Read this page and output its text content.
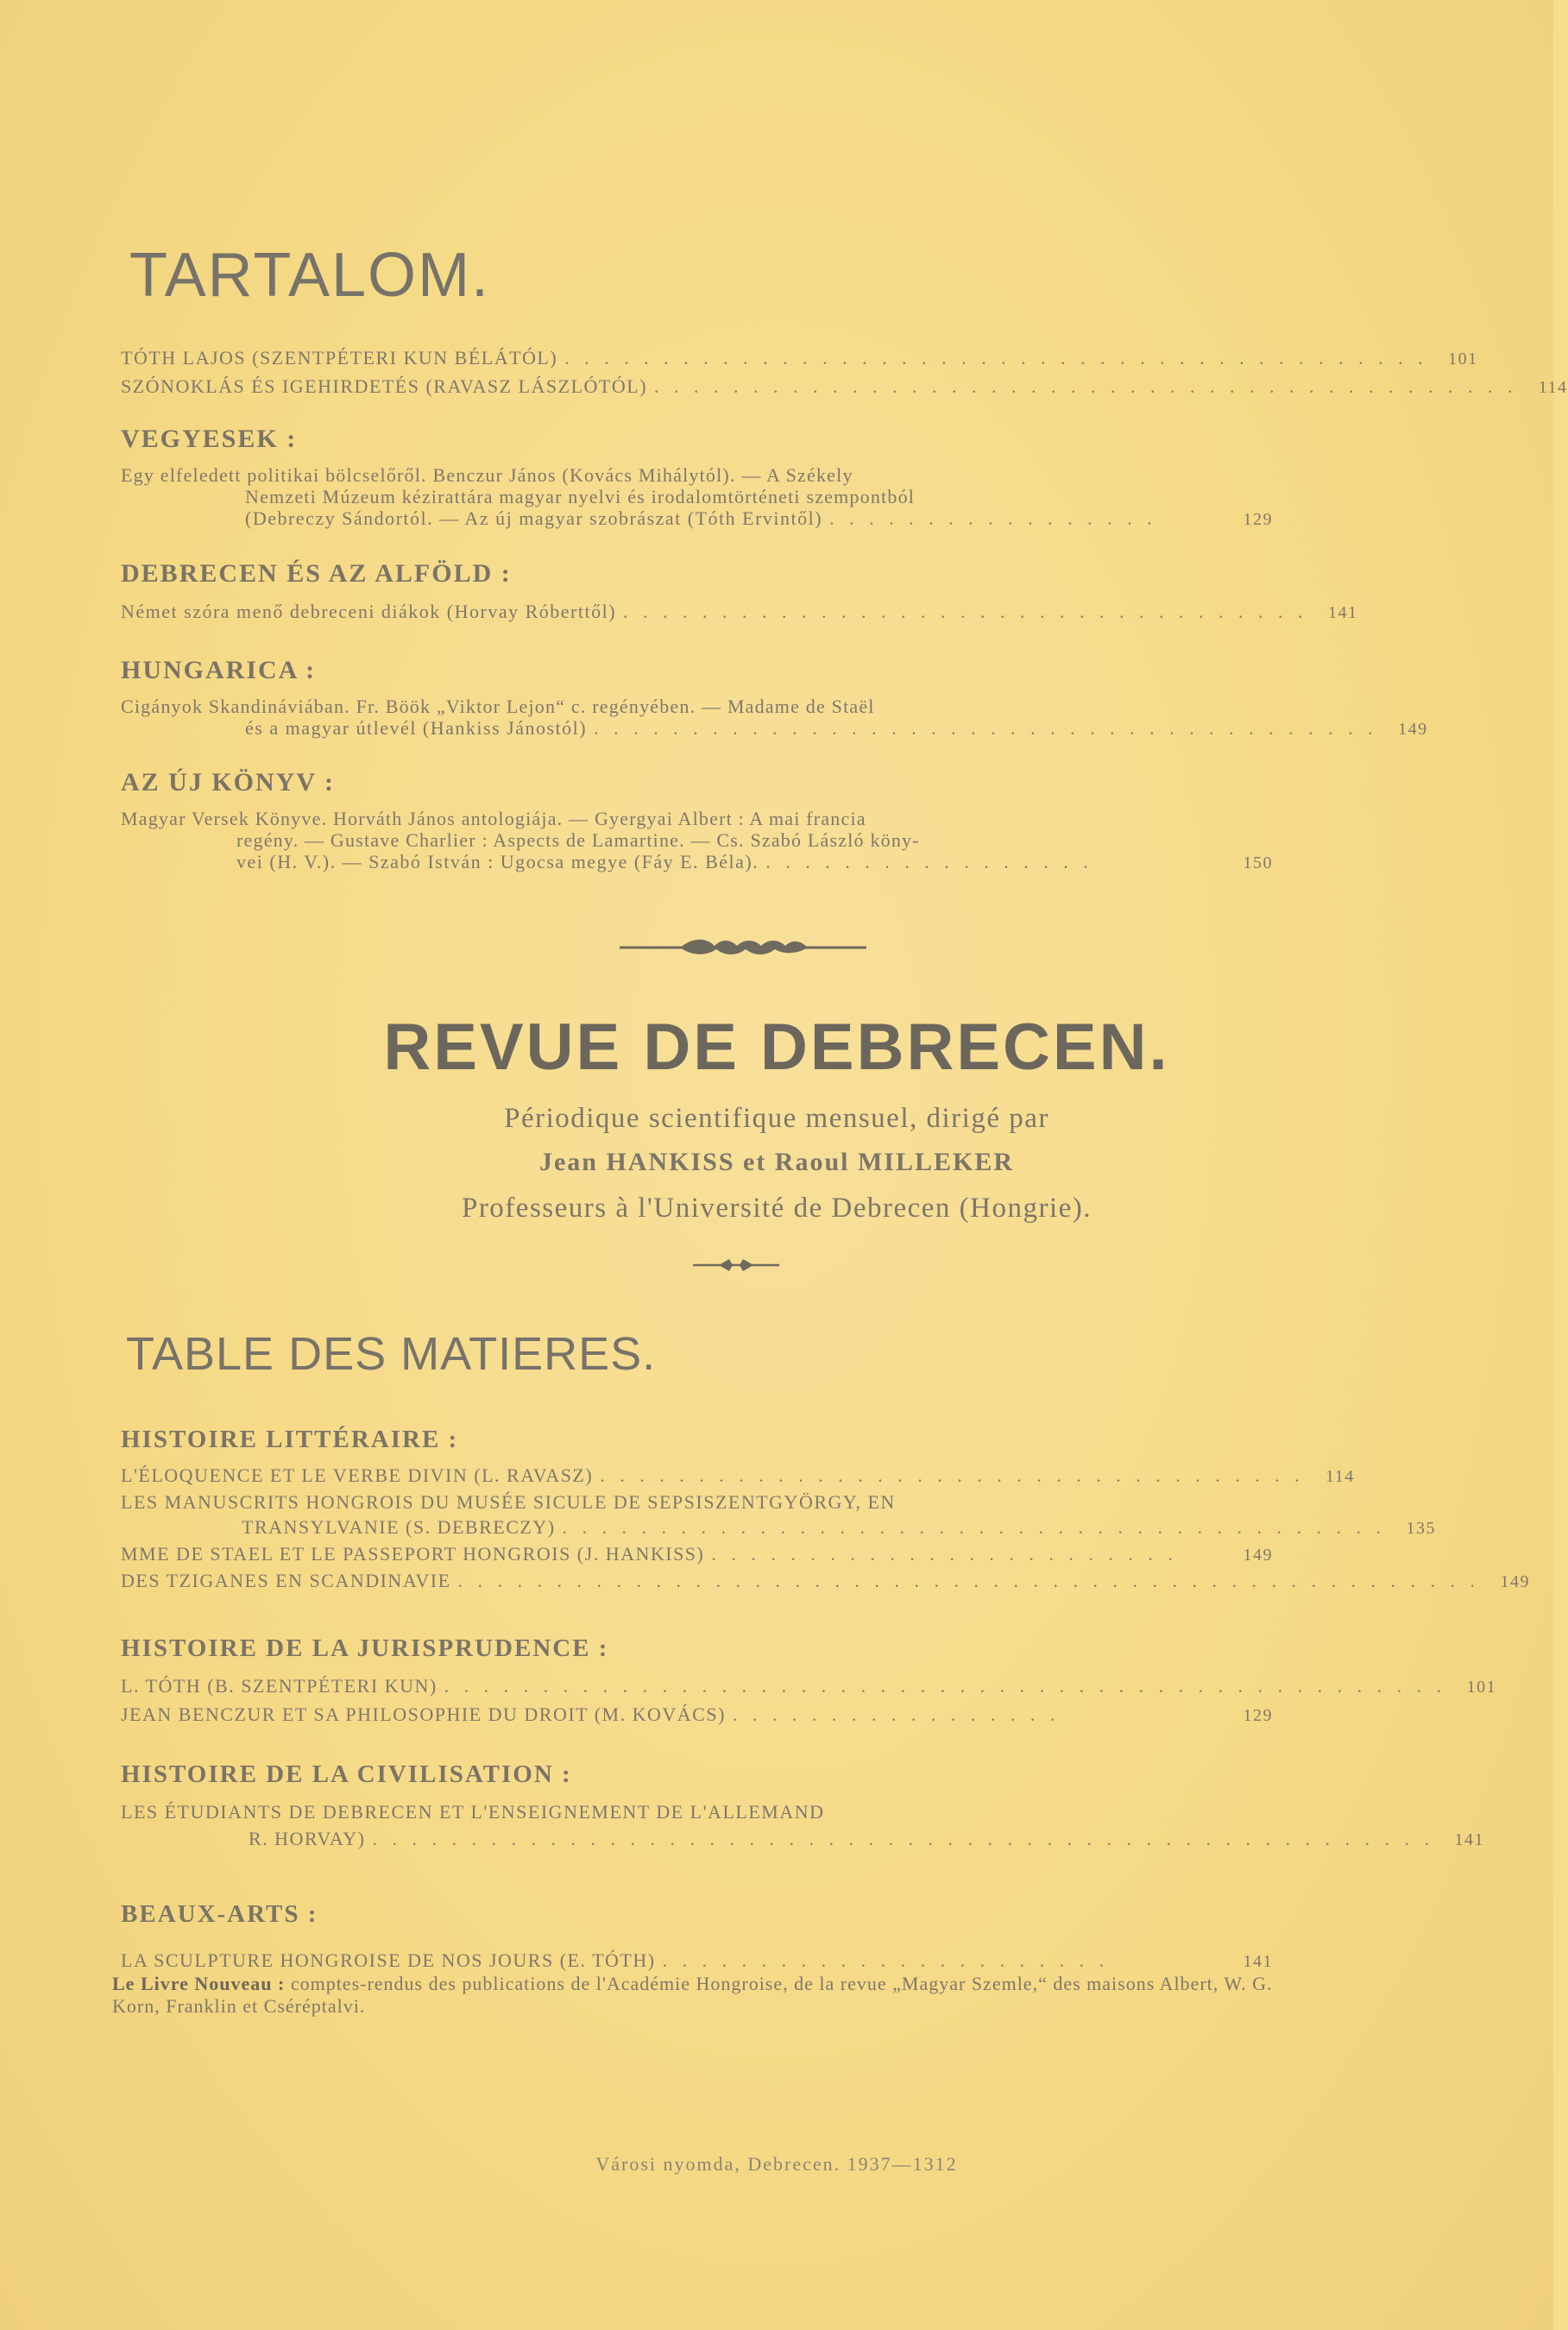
TARTALOM.
TÓTH LAJOS (SZENTPÉTERI KUN BÉLÁTÓL) . . . . . . . . . . . . . . . . . . . . . . . . . . . . . . . . . . . . . . . . . . . .	101
SZÓNOKLÁS ÉS IGEHIRDETÉS (RAVASZ LÁSZLÓTÓL) . . . . . . . . . . . . . . . . . . . . . . . . . . . . . . . . . . . . . . . . . . . .	114
VEGYESEK :
Egy elfeledett politikai bölcselőről. Benczur János (Kovács Mihálytól). — A Székely
Nemzeti Múzeum kézirattára magyar nyelvi és irodalomtörténeti szempontból
(Debreczy Sándortól. — Az új magyar szobrászat (Tóth Ervintől) . . . . . . . . . . . . . . . . .	129
DEBRECEN ÉS AZ ALFÖLD :
Német szóra menő debreceni diákok (Horvay Róberttől) . . . . . . . . . . . . . . . . . . . . . . . . . . . . . . . . . . .	141
HUNGARICA :
Cigányok Skandináviában. Fr. Böök „Viktor Lejon“ c. regényében. — Madame de Staël
és a magyar útlevél (Hankiss Jánostól) . . . . . . . . . . . . . . . . . . . . . . . . . . . . . . . . . . . . . . . .	149
AZ ÚJ KÖNYV :
Magyar Versek Könyve. Horváth János antologiája. — Gyergyai Albert : A mai francia
regény. — Gustave Charlier : Aspects de Lamartine. — Cs. Szabó László köny-
vei (H. V.). — Szabó István : Ugocsa megye (Fáy E. Béla). . . . . . . . . . . . . . . . . .	150
REVUE DE DEBRECEN.
Périodique scientifique mensuel, dirigé par
Jean HANKISS et Raoul MILLEKER
Professeurs à l'Université de Debrecen (Hongrie).
TABLE DES MATIERES.
HISTOIRE LITTÉRAIRE :
L'ÉLOQUENCE ET LE VERBE DIVIN (L. RAVASZ) . . . . . . . . . . . . . . . . . . . . . . . . . . . . . . . . . . . .	114
LES MANUSCRITS HONGROIS DU MUSÉE SICULE DE SEPSISZENTGYÖRGY, EN
TRANSYLVANIE (S. DEBRECZY) . . . . . . . . . . . . . . . . . . . . . . . . . . . . . . . . . . . . . . . . . .	135
MME DE STAEL ET LE PASSEPORT HONGROIS (J. HANKISS) . . . . . . . . . . . . . . . . . . . . . . . .	149
DES TZIGANES EN SCANDINAVIE . . . . . . . . . . . . . . . . . . . . . . . . . . . . . . . . . . . . . . . . . . . . . . . . . . . .	149
HISTOIRE DE LA JURISPRUDENCE :
L. TÓTH (B. SZENTPÉTERI KUN) . . . . . . . . . . . . . . . . . . . . . . . . . . . . . . . . . . . . . . . . . . . . . . . . . . .	101
JEAN BENCZUR ET SA PHILOSOPHIE DU DROIT (M. KOVÁCS) . . . . . . . . . . . . . . . . .	129
HISTOIRE DE LA CIVILISATION :
LES ÉTUDIANTS DE DEBRECEN ET L'ENSEIGNEMENT DE L'ALLEMAND
R. HORVAY) . . . . . . . . . . . . . . . . . . . . . . . . . . . . . . . . . . . . . . . . . . . . . . . . . . . . . .	141
BEAUX-ARTS :
LA SCULPTURE HONGROISE DE NOS JOURS (E. TÓTH) . . . . . . . . . . . . . . . . . . . . . . .	141
Le Livre Nouveau : comptes-rendus des publications de l'Académie Hongroise, de la revue „Magyar Szemle,“ des maisons Albert, W. G. Korn, Franklin et Cséréptalvi.
Városi nyomda, Debrecen. 1937—1312
